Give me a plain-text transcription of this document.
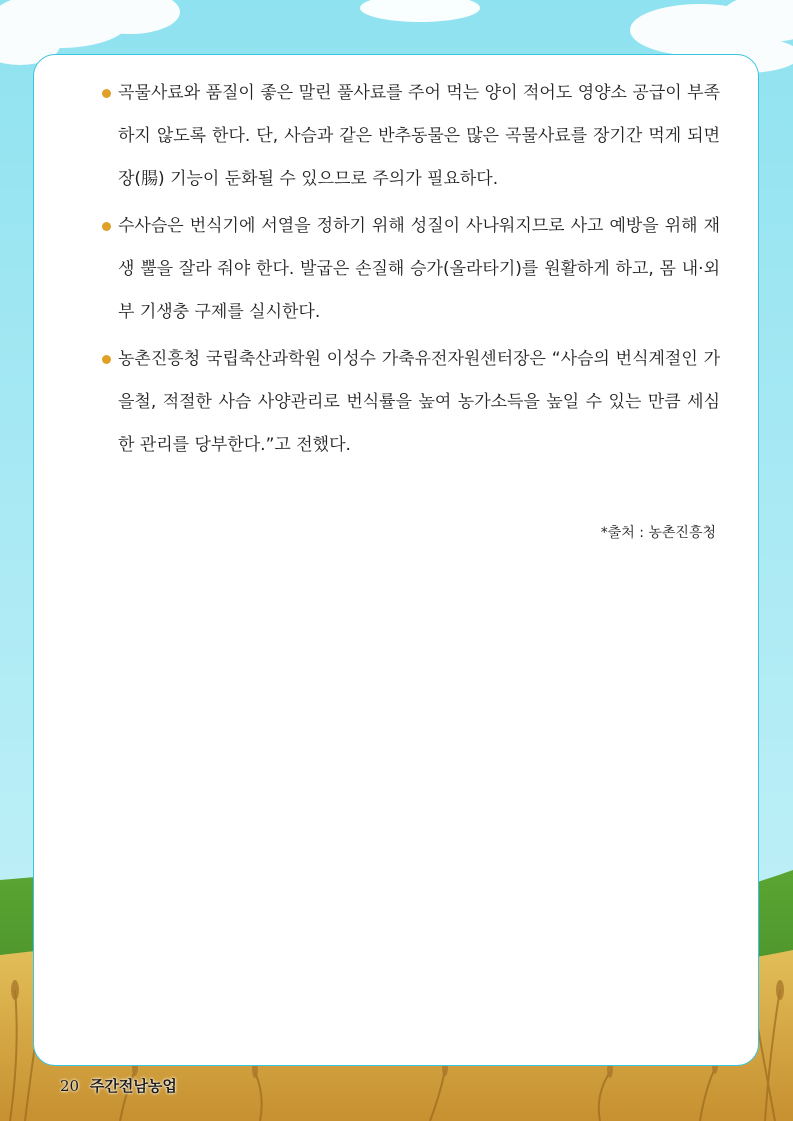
곡물사료와 품질이 좋은 말린 풀사료를 주어 먹는 양이 적어도 영양소 공급이 부족하지 않도록 한다. 단, 사슴과 같은 반추동물은 많은 곡물사료를 장기간 먹게 되면 장(腸) 기능이 둔화될 수 있으므로 주의가 필요하다.
수사슴은 번식기에 서열을 정하기 위해 성질이 사나워지므로 사고 예방을 위해 재생 뿔을 잘라 줘야 한다. 발굽은 손질해 승가(올라타기)를 원활하게 하고, 몸 내·외부 기생충 구제를 실시한다.
농촌진흥청 국립축산과학원 이성수 가축유전자원센터장은 “사슴의 번식계절인 가을철, 적절한 사슴 사양관리로 번식률을 높여 농가소득을 높일 수 있는 만큼 세심한 관리를 당부한다.”고 전했다.
*출처 : 농촌진흥청
20 주간전남농업
